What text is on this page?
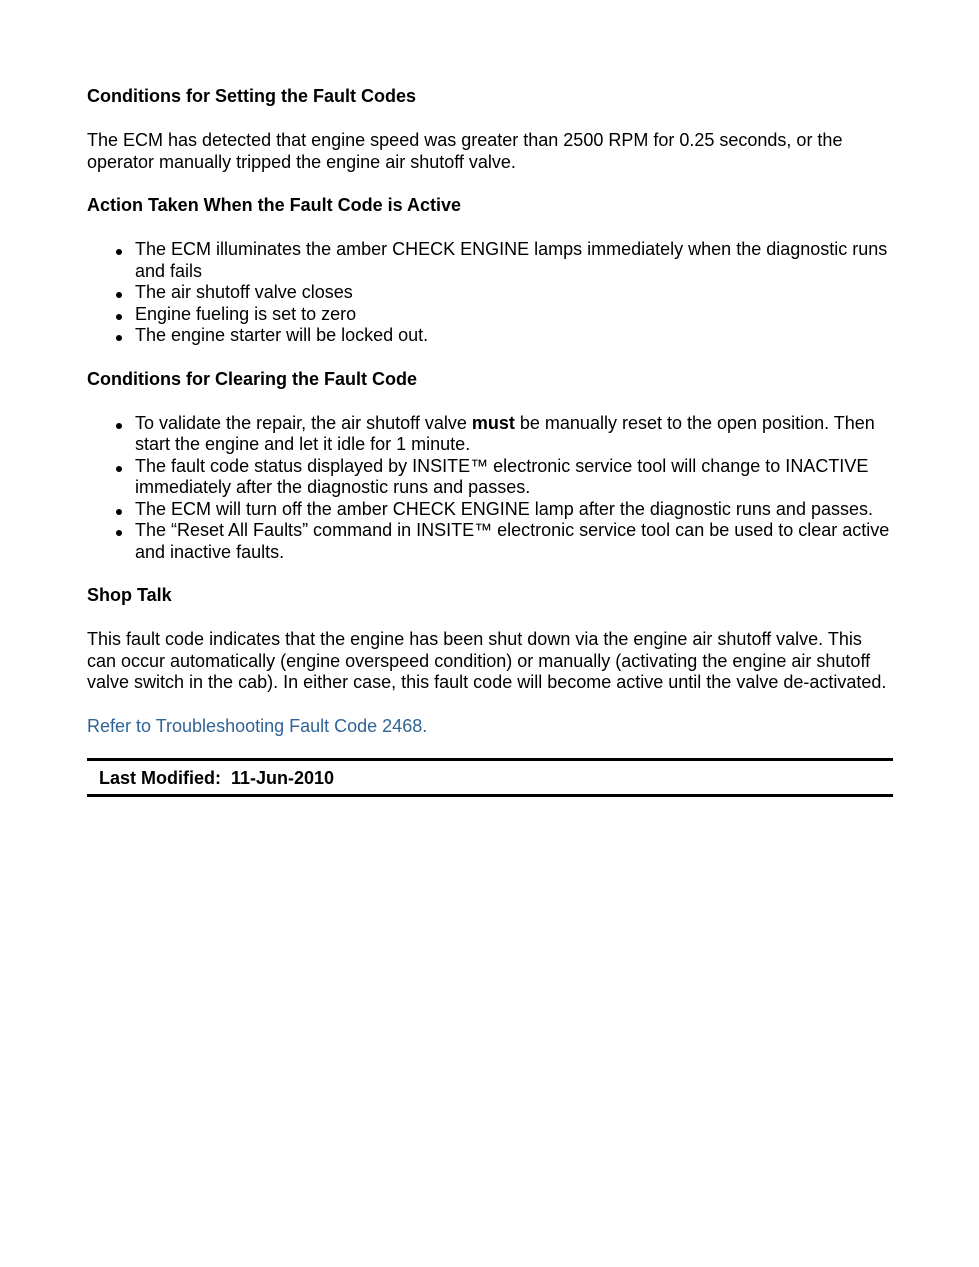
Conditions for Setting the Fault Codes

The ECM has detected that engine speed was greater than 2500 RPM for 0.25 seconds, or the operator manually tripped the engine air shutoff valve.

Action Taken When the Fault Code is Active

The ECM illuminates the amber CHECK ENGINE lamps immediately when the diagnostic runs and fails
The air shutoff valve closes
Engine fueling is set to zero
The engine starter will be locked out.

Conditions for Clearing the Fault Code

To validate the repair, the air shutoff valve must be manually reset to the open position. Then start the engine and let it idle for 1 minute.
The fault code status displayed by INSITE™ electronic service tool will change to INACTIVE immediately after the diagnostic runs and passes.
The ECM will turn off the amber CHECK ENGINE lamp after the diagnostic runs and passes.
The “Reset All Faults” command in INSITE™ electronic service tool can be used to clear active and inactive faults.

Shop Talk

This fault code indicates that the engine has been shut down via the engine air shutoff valve. This can occur automatically (engine overspeed condition) or manually (activating the engine air shutoff valve switch in the cab). In either case, this fault code will become active until the valve de-activated.

Refer to Troubleshooting Fault Code 2468.

Last Modified:  11-Jun-2010
